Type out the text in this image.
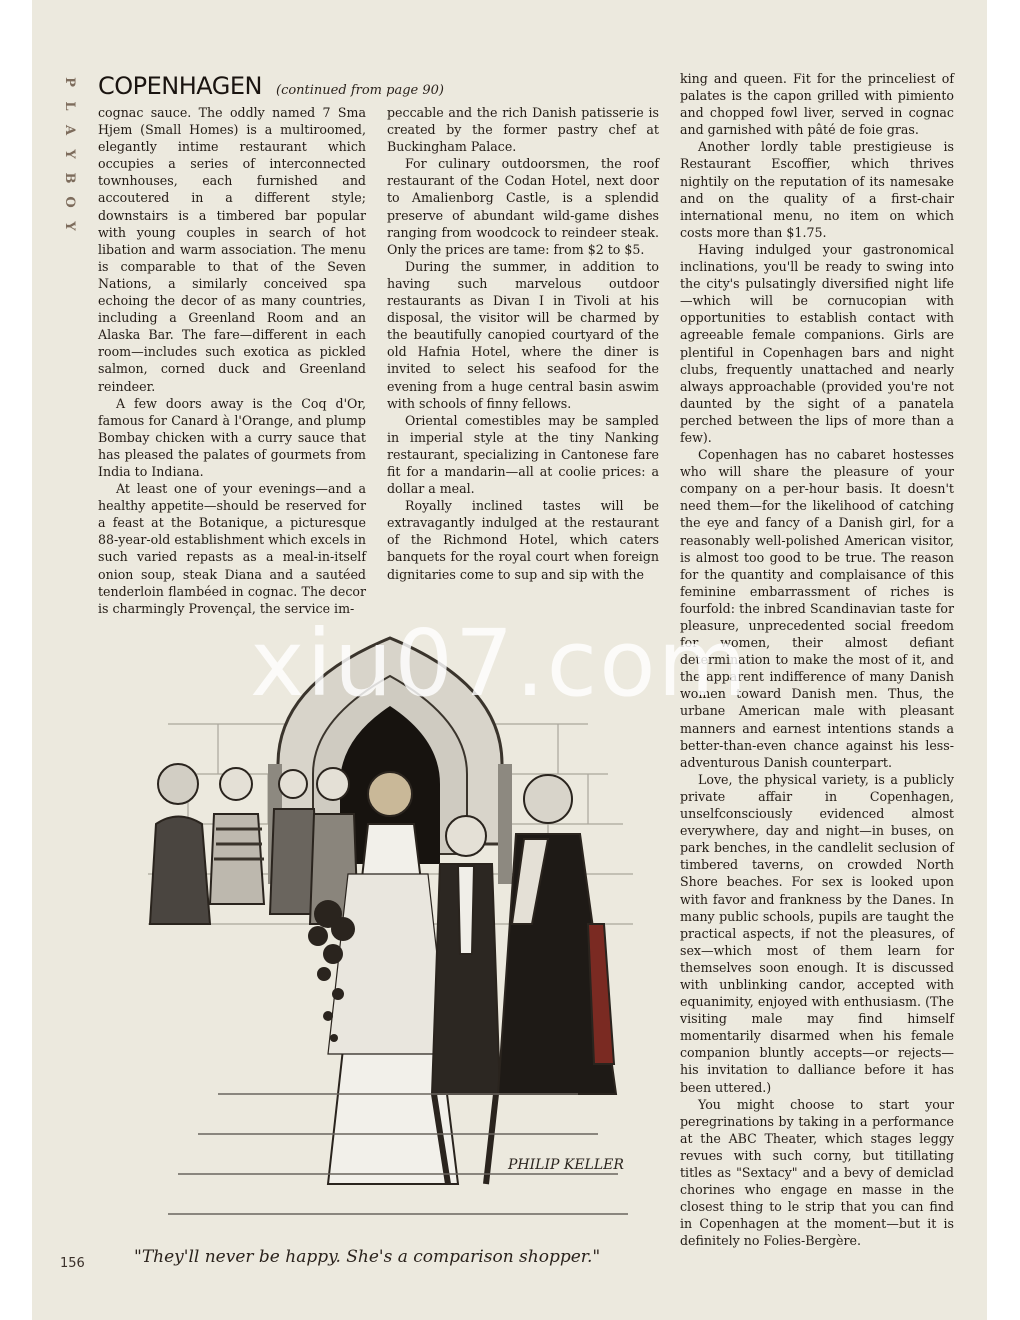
P
L
A
Y
B
O
Y
COPENHAGEN (continued from page 90)

cognac sauce. The oddly named 7 Sma Hjem (Small Homes) is a multiroomed, elegantly intime restaurant which occupies a series of interconnected townhouses, each furnished and accoutered in a different style; downstairs is a timbered bar popular with young couples in search of hot libation and warm association. The menu is comparable to that of the Seven Nations, a similarly conceived spa echoing the decor of as many countries, including a Greenland Room and an Alaska Bar. The fare—different in each room—includes such exotica as pickled salmon, corned duck and Greenland reindeer.

A few doors away is the Coq d'Or, famous for Canard à l'Orange, and plump Bombay chicken with a curry sauce that has pleased the palates of gourmets from India to Indiana.

At least one of your evenings—and a healthy appetite—should be reserved for a feast at the Botanique, a picturesque 88-year-old establishment which excels in such varied repasts as a meal-in-itself onion soup, steak Diana and a sautéed tenderloin flambéed in cognac. The decor is charmingly Provençal, the service im-

peccable and the rich Danish patisserie is created by the former pastry chef at Buckingham Palace.

For culinary outdoorsmen, the roof restaurant of the Codan Hotel, next door to Amalienborg Castle, is a splendid preserve of abundant wild-game dishes ranging from woodcock to reindeer steak. Only the prices are tame: from $2 to $5.

During the summer, in addition to having such marvelous outdoor restaurants as Divan I in Tivoli at his disposal, the visitor will be charmed by the beautifully canopied courtyard of the old Hafnia Hotel, where the diner is invited to select his seafood for the evening from a huge central basin aswim with schools of finny fellows.

Oriental comestibles may be sampled in imperial style at the tiny Nanking restaurant, specializing in Cantonese fare fit for a mandarin—all at coolie prices: a dollar a meal.

Royally inclined tastes will be extravagantly indulged at the restaurant of the Richmond Hotel, which caters banquets for the royal court when foreign dignitaries come to sup and sip with the

king and queen. Fit for the princeliest of palates is the capon grilled with pimiento and chopped fowl liver, served in cognac and garnished with pâté de foie gras.

Another lordly table prestigieuse is Restaurant Escoffier, which thrives nightily on the reputation of its namesake and on the quality of a first-chair international menu, no item on which costs more than $1.75.

Having indulged your gastronomical inclinations, you'll be ready to swing into the city's pulsatingly diversified night life—which will be cornucopian with opportunities to establish contact with agreeable female companions. Girls are plentiful in Copenhagen bars and night clubs, frequently unattached and nearly always approachable (provided you're not daunted by the sight of a panatela perched between the lips of more than a few).

Copenhagen has no cabaret hostesses who will share the pleasure of your company on a per-hour basis. It doesn't need them—for the likelihood of catching the eye and fancy of a Danish girl, for a reasonably well-polished American visitor, is almost too good to be true. The reason for the quantity and complaisance of this feminine embarrassment of riches is fourfold: the inbred Scandinavian taste for pleasure, unprecedented social freedom for women, their almost defiant determination to make the most of it, and the apparent indifference of many Danish women toward Danish men. Thus, the urbane American male with pleasant manners and earnest intentions stands a better-than-even chance against his less-adventurous Danish counterpart.

Love, the physical variety, is a publicly private affair in Copenhagen, unselfconsciously evidenced almost everywhere, day and night—in buses, on park benches, in the candlelit seclusion of timbered taverns, on crowded North Shore beaches. For sex is looked upon with favor and frankness by the Danes. In many public schools, pupils are taught the practical aspects, if not the pleasures, of sex—which most of them learn for themselves soon enough. It is discussed with unblinking candor, accepted with equanimity, enjoyed with enthusiasm. (The visiting male may find himself momentarily disarmed when his female companion bluntly accepts—or rejects—his invitation to dalliance before it has been uttered.)

You might choose to start your peregrinations by taking in a performance at the ABC Theater, which stages leggy revues with such corny, but titillating titles as "Sextacy" and a bevy of demiclad chorines who engage en masse in the closest thing to le strip that you can find in Copenhagen at the moment—but it is definitely no Folies-Bergère.

PHILIP KELLER
xiu07.com
"They'll never be happy. She's a comparison shopper."
156
